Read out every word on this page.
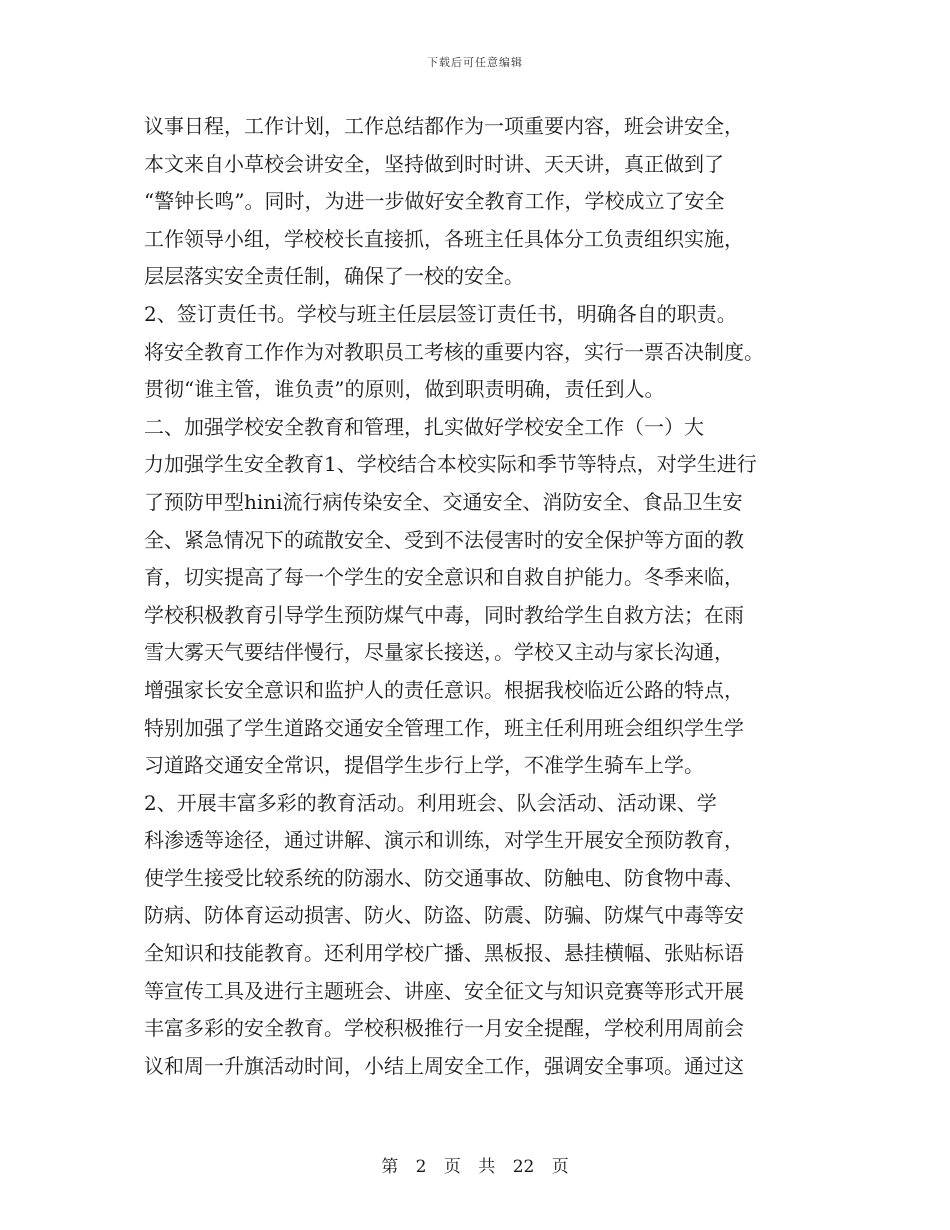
下载后可任意编辑
议事日程，工作计划，工作总结都作为一项重要内容，班会讲安全，
本文来自小草校会讲安全，坚持做到时时讲、天天讲，真正做到了
“警钟长鸣”。同时，为进一步做好安全教育工作，学校成立了安全
工作领导小组，学校校长直接抓，各班主任具体分工负责组织实施，
层层落实安全责任制，确保了一校的安全。
2、签订责任书。学校与班主任层层签订责任书，明确各自的职责。
将安全教育工作作为对教职员工考核的重要内容，实行一票否决制度。
贯彻“谁主管，谁负责”的原则，做到职责明确，责任到人。
二、加强学校安全教育和管理，扎实做好学校安全工作（一）大
力加强学生安全教育1、学校结合本校实际和季节等特点，对学生进行
了预防甲型hini流行病传染安全、交通安全、消防安全、食品卫生安
全、紧急情况下的疏散安全、受到不法侵害时的安全保护等方面的教
育，切实提高了每一个学生的安全意识和自救自护能力。冬季来临，
学校积极教育引导学生预防煤气中毒，同时教给学生自救方法；在雨
雪大雾天气要结伴慢行，尽量家长接送，。学校又主动与家长沟通，
增强家长安全意识和监护人的责任意识。根据我校临近公路的特点，
特别加强了学生道路交通安全管理工作，班主任利用班会组织学生学
习道路交通安全常识，提倡学生步行上学，不准学生骑车上学。
2、开展丰富多彩的教育活动。利用班会、队会活动、活动课、学
科渗透等途径，通过讲解、演示和训练，对学生开展安全预防教育，
使学生接受比较系统的防溺水、防交通事故、防触电、防食物中毒、
防病、防体育运动损害、防火、防盗、防震、防骗、防煤气中毒等安
全知识和技能教育。还利用学校广播、黑板报、悬挂横幅、张贴标语
等宣传工具及进行主题班会、讲座、安全征文与知识竞赛等形式开展
丰富多彩的安全教育。学校积极推行一月安全提醒，学校利用周前会
议和周一升旗活动时间，小结上周安全工作，强调安全事项。通过这
第 2 页 共 22 页
